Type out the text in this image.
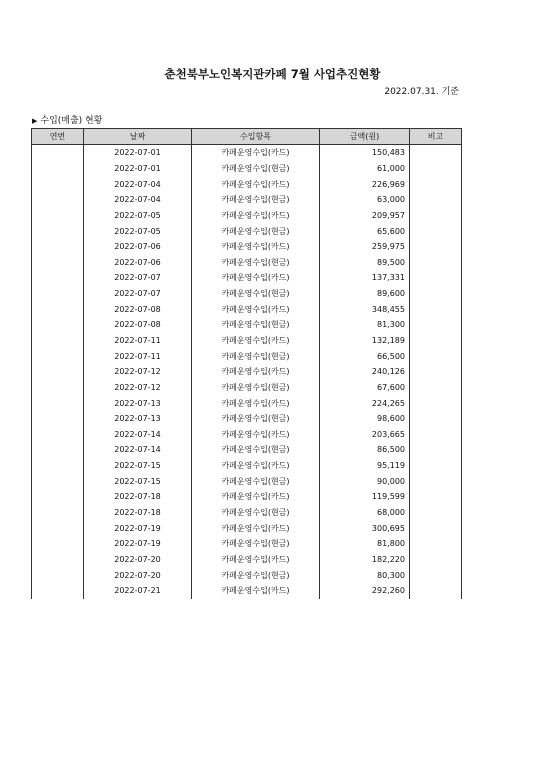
춘천북부노인복지관카페 7월 사업추진현황
2022.07.31. 기준
▶ 수입(매출) 현황
연번	날짜	수입항목	금액(원)	비고
	2022-07-01	카페운영수입(카드)	150,483	
	2022-07-01	카페운영수입(현금)	61,000	
	2022-07-04	카페운영수입(카드)	226,969	
	2022-07-04	카페운영수입(현금)	63,000	
	2022-07-05	카페운영수입(카드)	209,957	
	2022-07-05	카페운영수입(현금)	65,600	
	2022-07-06	카페운영수입(카드)	259,975	
	2022-07-06	카페운영수입(현금)	89,500	
	2022-07-07	카페운영수입(카드)	137,331	
	2022-07-07	카페운영수입(현금)	89,600	
	2022-07-08	카페운영수입(카드)	348,455	
	2022-07-08	카페운영수입(현금)	81,300	
	2022-07-11	카페운영수입(카드)	132,189	
	2022-07-11	카페운영수입(현금)	66,500	
	2022-07-12	카페운영수입(카드)	240,126	
	2022-07-12	카페운영수입(현금)	67,600	
	2022-07-13	카페운영수입(카드)	224,265	
	2022-07-13	카페운영수입(현금)	98,600	
	2022-07-14	카페운영수입(카드)	203,665	
	2022-07-14	카페운영수입(현금)	86,500	
	2022-07-15	카페운영수입(카드)	95,119	
	2022-07-15	카페운영수입(현금)	90,000	
	2022-07-18	카페운영수입(카드)	119,599	
	2022-07-18	카페운영수입(현금)	68,000	
	2022-07-19	카페운영수입(카드)	300,695	
	2022-07-19	카페운영수입(현금)	81,800	
	2022-07-20	카페운영수입(카드)	182,220	
	2022-07-20	카페운영수입(현금)	80,300	
	2022-07-21	카페운영수입(카드)	292,260	
